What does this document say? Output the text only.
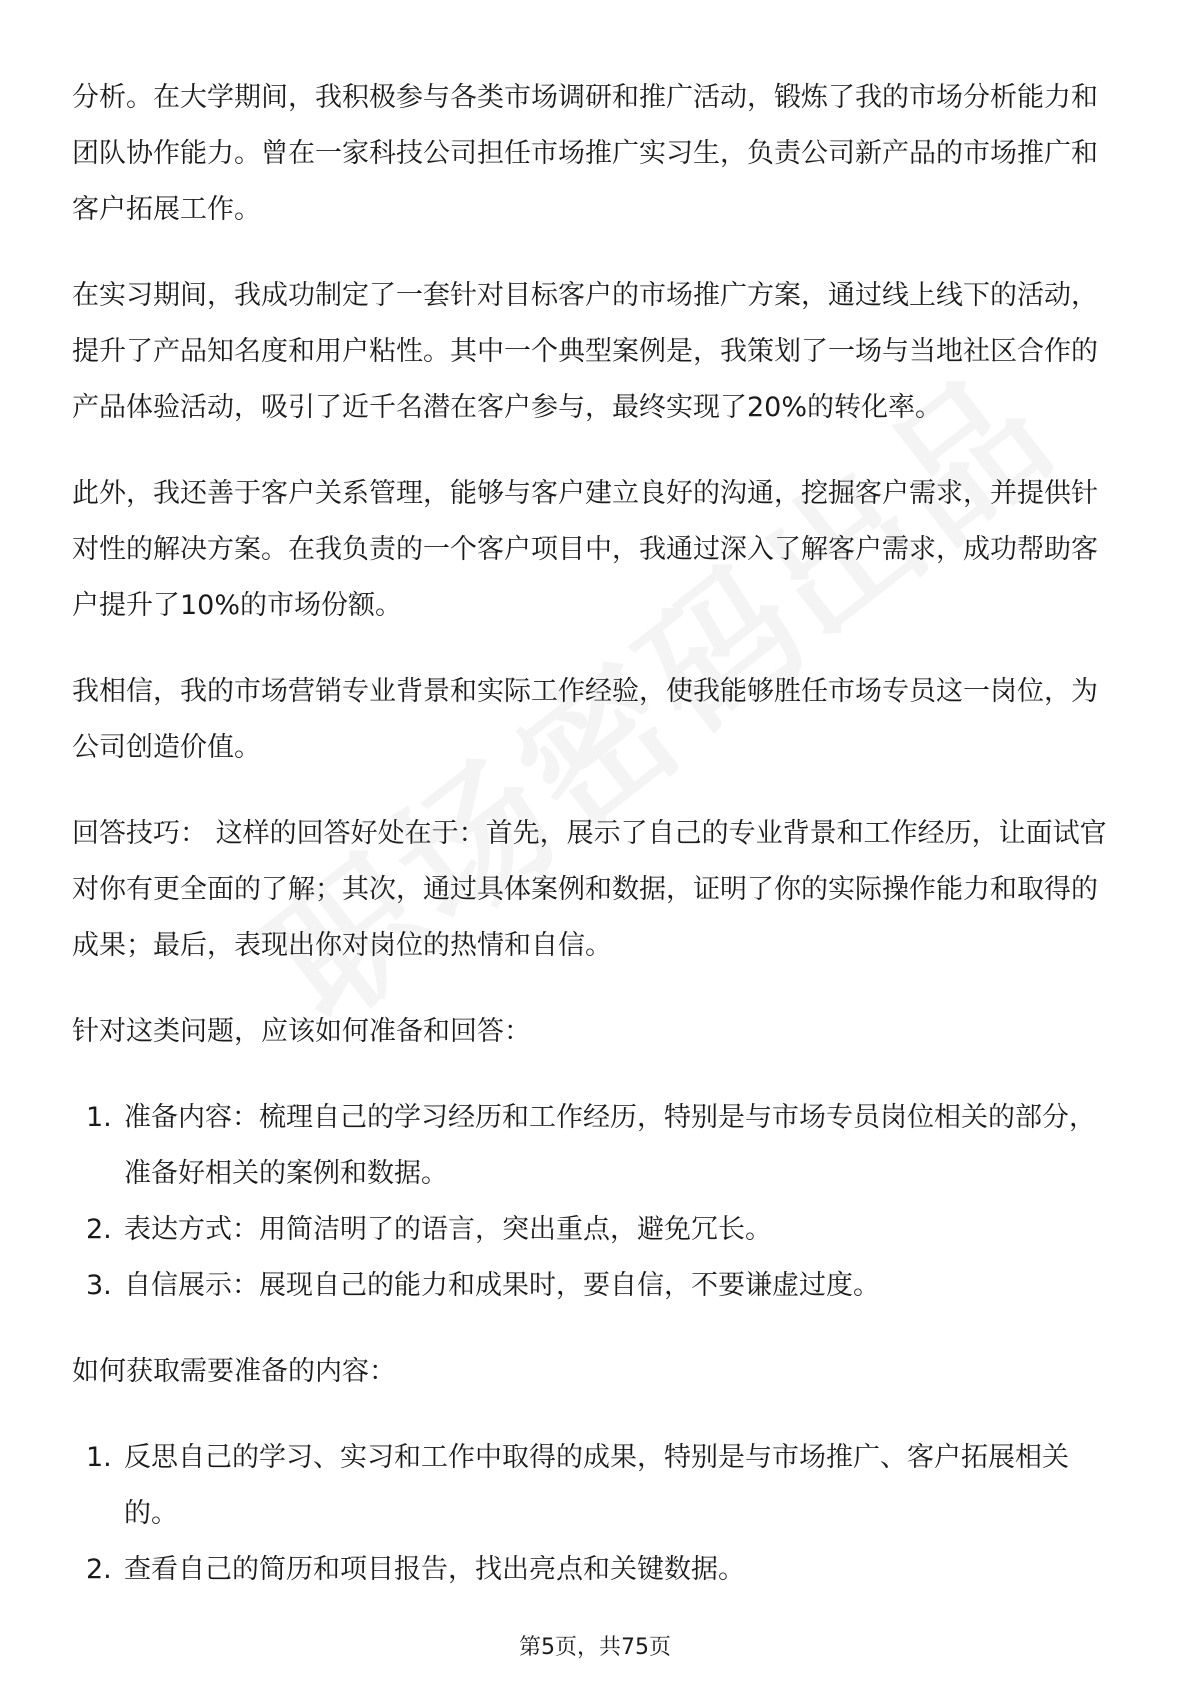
分析。在大学期间，我积极参与各类市场调研和推广活动，锻炼了我的市场分析能力和团队协作能力。曾在一家科技公司担任市场推广实习生，负责公司新产品的市场推广和客户拓展工作。

在实习期间，我成功制定了一套针对目标客户的市场推广方案，通过线上线下的活动，提升了产品知名度和用户粘性。其中一个典型案例是，我策划了一场与当地社区合作的产品体验活动，吸引了近千名潜在客户参与，最终实现了20%的转化率。

此外，我还善于客户关系管理，能够与客户建立良好的沟通，挖掘客户需求，并提供针对性的解决方案。在我负责的一个客户项目中，我通过深入了解客户需求，成功帮助客户提升了10%的市场份额。

我相信，我的市场营销专业背景和实际工作经验，使我能够胜任市场专员这一岗位，为公司创造价值。

回答技巧： 这样的回答好处在于：首先，展示了自己的专业背景和工作经历，让面试官对你有更全面的了解；其次，通过具体案例和数据，证明了你的实际操作能力和取得的成果；最后，表现出你对岗位的热情和自信。

针对这类问题，应该如何准备和回答：

1. 准备内容：梳理自己的学习经历和工作经历，特别是与市场专员岗位相关的部分，准备好相关的案例和数据。
2. 表达方式：用简洁明了的语言，突出重点，避免冗长。
3. 自信展示：展现自己的能力和成果时，要自信，不要谦虚过度。

如何获取需要准备的内容：

1. 反思自己的学习、实习和工作中取得的成果，特别是与市场推广、客户拓展相关的。
2. 查看自己的简历和项目报告，找出亮点和关键数据。
第5页，共75页
